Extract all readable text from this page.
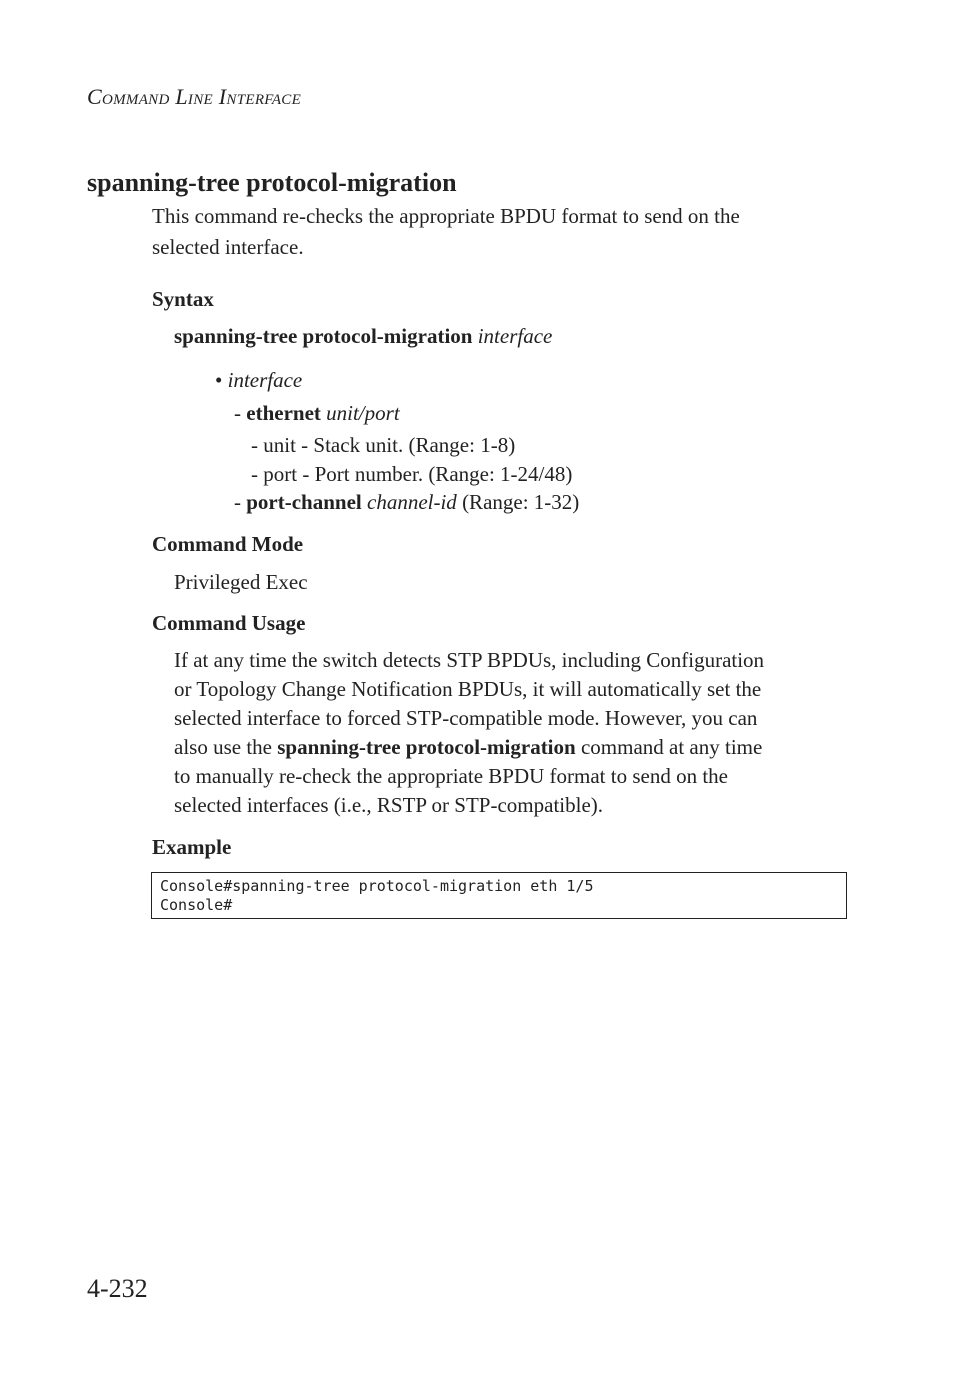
Command Line Interface
spanning-tree protocol-migration
This command re-checks the appropriate BPDU format to send on the
selected interface.
Syntax
spanning-tree protocol-migration interface
• interface
- ethernet unit/port
- unit - Stack unit. (Range: 1-8)
- port - Port number. (Range: 1-24/48)
- port-channel channel-id (Range: 1-32)
Command Mode
Privileged Exec
Command Usage
If at any time the switch detects STP BPDUs, including Configuration
or Topology Change Notification BPDUs, it will automatically set the
selected interface to forced STP-compatible mode. However, you can
also use the spanning-tree protocol-migration command at any time
to manually re-check the appropriate BPDU format to send on the
selected interfaces (i.e., RSTP or STP-compatible).
Example
Console#spanning-tree protocol-migration eth 1/5
Console#
4-232
